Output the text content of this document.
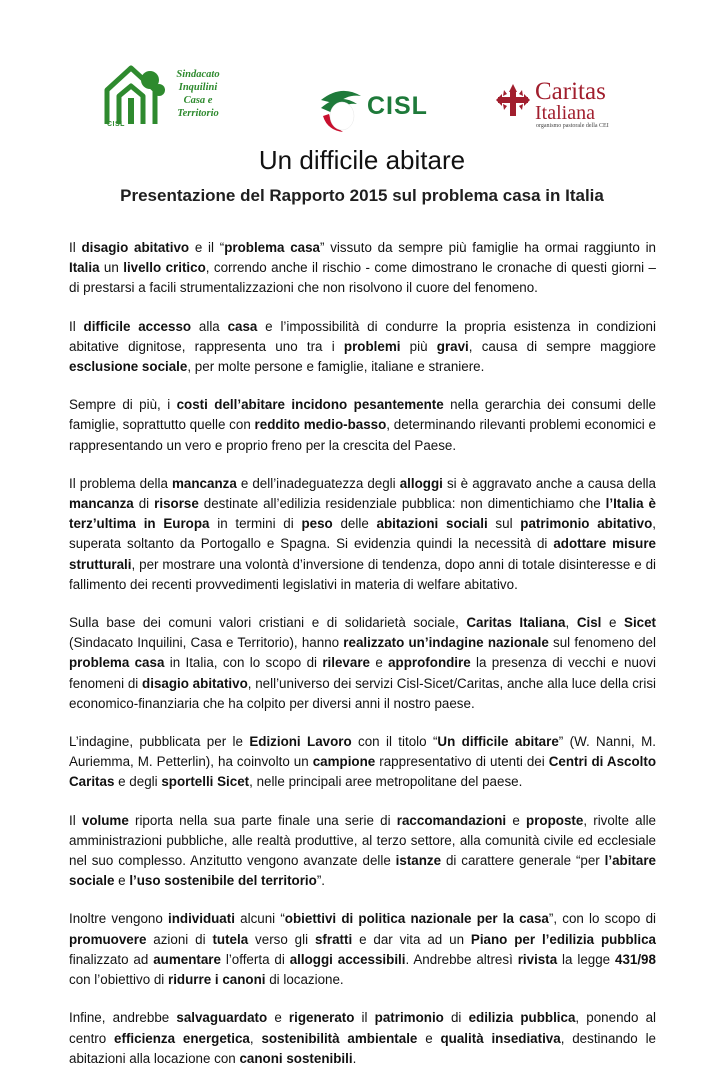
Sindacato
Inquilini
Casa e
Territorio
CISL
CISL
Caritas
Italiana
organismo pastorale della CEI
Un difficile abitare
Presentazione del Rapporto 2015 sul problema casa in Italia

Il disagio abitativo e il “problema casa” vissuto da sempre più famiglie ha ormai raggiunto in Italia un livello critico, correndo anche il rischio - come dimostrano le cronache di questi giorni – di prestarsi a facili strumentalizzazioni che non risolvono il cuore del fenomeno.

Il difficile accesso alla casa e l’impossibilità di condurre la propria esistenza in condizioni abitative dignitose, rappresenta uno tra i problemi più gravi, causa di sempre maggiore esclusione sociale, per molte persone e famiglie, italiane e straniere.

Sempre di più, i costi dell’abitare incidono pesantemente nella gerarchia dei consumi delle famiglie, soprattutto quelle con reddito medio-basso, determinando rilevanti problemi economici e rappresentando un vero e proprio freno per la crescita del Paese.

Il problema della mancanza e dell’inadeguatezza degli alloggi si è aggravato anche a causa della mancanza di risorse destinate all’edilizia residenziale pubblica: non dimentichiamo che l’Italia è terz’ultima in Europa in termini di peso delle abitazioni sociali sul patrimonio abitativo, superata soltanto da Portogallo e Spagna. Si evidenzia quindi la necessità di adottare misure strutturali, per mostrare una volontà d’inversione di tendenza, dopo anni di totale disinteresse e di fallimento dei recenti provvedimenti legislativi in materia di welfare abitativo.

Sulla base dei comuni valori cristiani e di solidarietà sociale, Caritas Italiana, Cisl e Sicet (Sindacato Inquilini, Casa e Territorio), hanno realizzato un’indagine nazionale sul fenomeno del problema casa in Italia, con lo scopo di rilevare e approfondire la presenza di vecchi e nuovi fenomeni di disagio abitativo, nell’universo dei servizi Cisl-Sicet/Caritas, anche alla luce della crisi economico-finanziaria che ha colpito per diversi anni il nostro paese.

L’indagine, pubblicata per le Edizioni Lavoro con il titolo “Un difficile abitare” (W. Nanni, M. Auriemma, M. Petterlin), ha coinvolto un campione rappresentativo di utenti dei Centri di Ascolto Caritas e degli sportelli Sicet, nelle principali aree metropolitane del paese.

Il volume riporta nella sua parte finale una serie di raccomandazioni e proposte, rivolte alle amministrazioni pubbliche, alle realtà produttive, al terzo settore, alla comunità civile ed ecclesiale nel suo complesso. Anzitutto vengono avanzate delle istanze di carattere generale “per l’abitare sociale e l’uso sostenibile del territorio”.

Inoltre vengono individuati alcuni “obiettivi di politica nazionale per la casa”, con lo scopo di promuovere azioni di tutela verso gli sfratti e dar vita ad un Piano per l’edilizia pubblica finalizzato ad aumentare l’offerta di alloggi accessibili. Andrebbe altresì rivista la legge 431/98 con l’obiettivo di ridurre i canoni di locazione.

Infine, andrebbe salvaguardato e rigenerato il patrimonio di edilizia pubblica, ponendo al centro efficienza energetica, sostenibilità ambientale e qualità insediativa, destinando le abitazioni alla locazione con canoni sostenibili.
